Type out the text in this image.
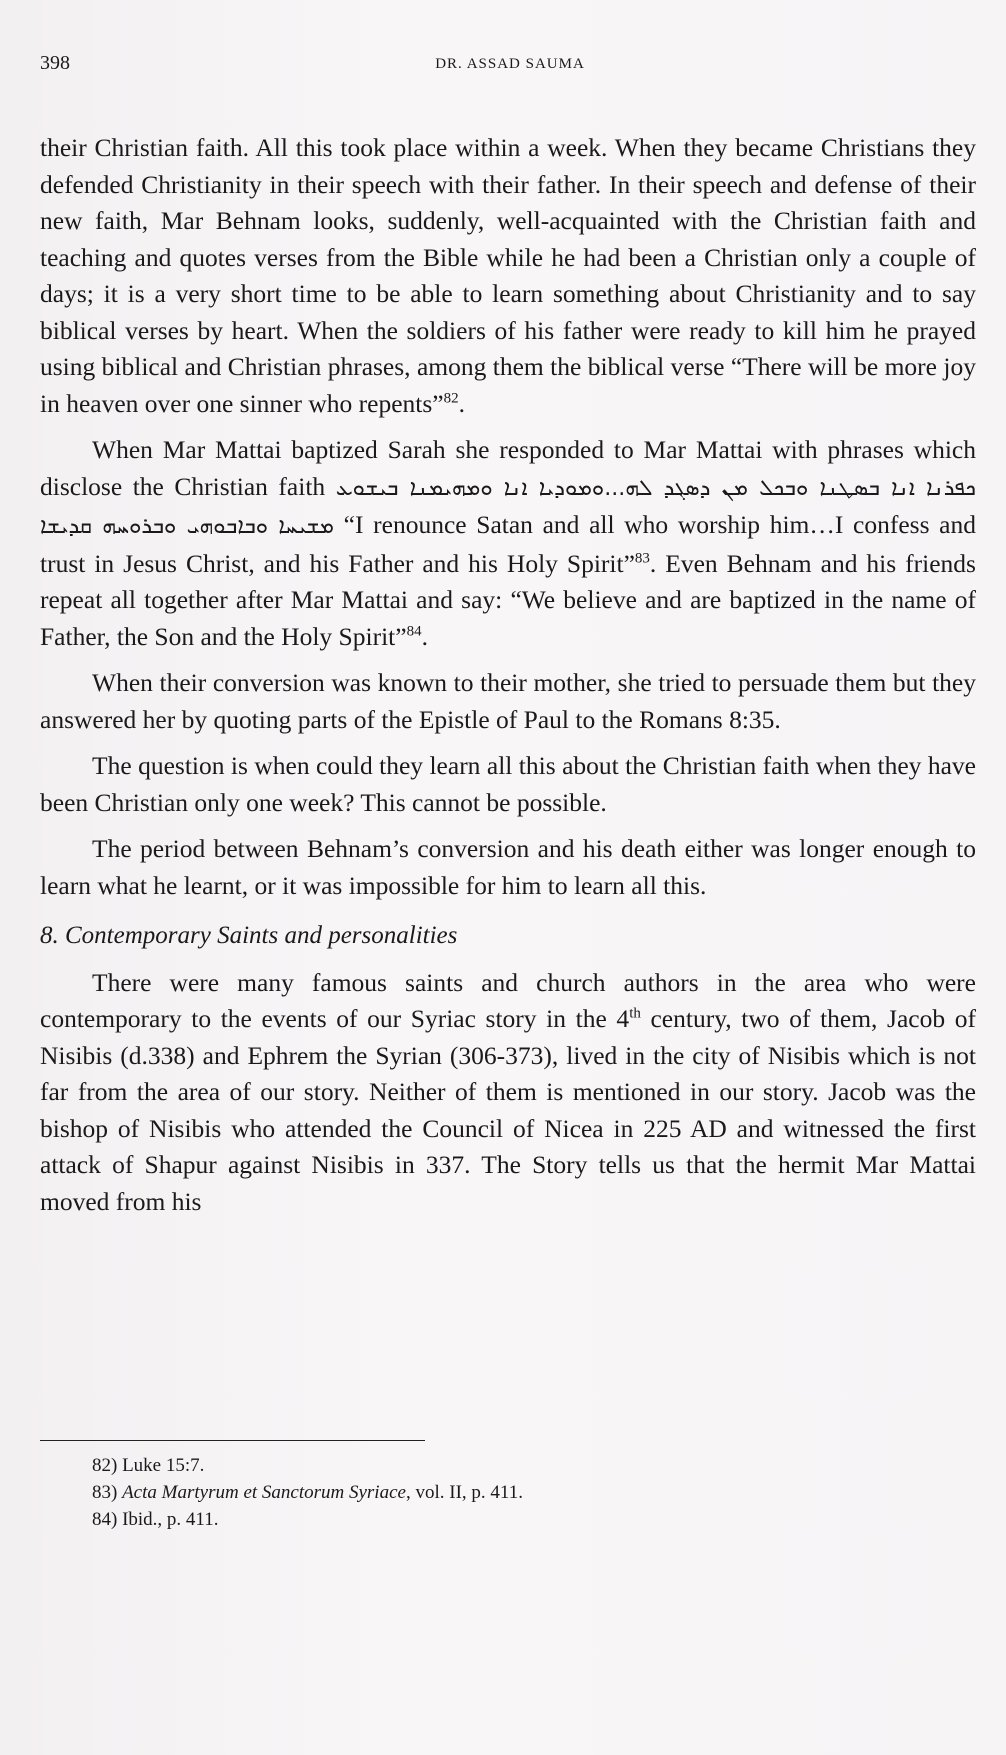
398	DR. ASSAD SAUMA

their Christian faith. All this took place within a week. When they became Christians they defended Christianity in their speech with their father. In their speech and defense of their new faith, Mar Behnam looks, suddenly, well-acquainted with the Christian faith and teaching and quotes verses from the Bible while he had been a Christian only a couple of days; it is a very short time to be able to learn something about Christianity and to say biblical verses by heart. When the soldiers of his father were ready to kill him he prayed using biblical and Christian phrases, among them the biblical verse “There will be more joy in heaven over one sinner who repents”$^{82}$.

When Mar Mattai baptized Sarah she responded to Mar Mattai with phrases which disclose the Christian faith ܟܦܪܢܐ ܐܢܐ ܒܣܛܢܐ ܘܒܟܠ ܡܢ ܕܣܓܕ ܠܗ...ܘܡܘܕܝܐ ܐܢܐ ܘܡܗܝܡܢܐ ܒܝܫܘܥ ܡܫܝܚܐ ܘܒܐܒܘܗܝ ܘܒܪܘܚܗ ܩܕܝܫܐ “I renounce Satan and all who worship him…I confess and trust in Jesus Christ, and his Father and his Holy Spirit”$^{83}$. Even Behnam and his friends repeat all together after Mar Mattai and say: “We believe and are baptized in the name of Father, the Son and the Holy Spirit”$^{84}$.

When their conversion was known to their mother, she tried to persuade them but they answered her by quoting parts of the Epistle of Paul to the Romans 8:35.

The question is when could they learn all this about the Christian faith when they have been Christian only one week? This cannot be possible.

The period between Behnam’s conversion and his death either was longer enough to learn what he learnt, or it was impossible for him to learn all this.

8. Contemporary Saints and personalities

There were many famous saints and church authors in the area who were contemporary to the events of our Syriac story in the 4th century, two of them, Jacob of Nisibis (d.338) and Ephrem the Syrian (306-373), lived in the city of Nisibis which is not far from the area of our story. Neither of them is mentioned in our story. Jacob was the bishop of Nisibis who attended the Council of Nicea in 225 AD and witnessed the first attack of Shapur against Nisibis in 337. The Story tells us that the hermit Mar Mattai moved from his

82) Luke 15:7.
83) Acta Martyrum et Sanctorum Syriace, vol. II, p. 411.
84) Ibid., p. 411.
